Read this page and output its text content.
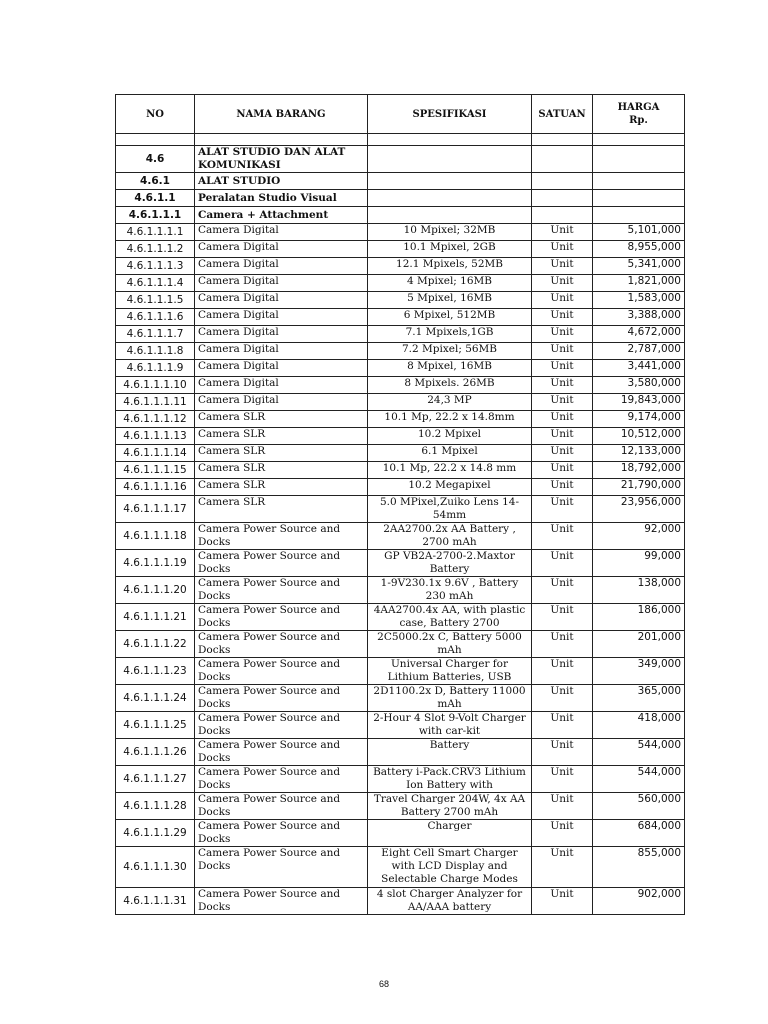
NO	NAMA BARANG	SPESIFIKASI	SATUAN	HARGA
Rp.

4.6	ALAT STUDIO DAN ALAT KOMUNIKASI			
4.6.1	ALAT STUDIO			
4.6.1.1	Peralatan Studio Visual			
4.6.1.1.1	Camera + Attachment			
4.6.1.1.1.1	Camera Digital	10 Mpixel; 32MB	Unit	5,101,000
4.6.1.1.1.2	Camera Digital	10.1 Mpixel, 2GB	Unit	8,955,000
4.6.1.1.1.3	Camera Digital	12.1 Mpixels, 52MB	Unit	5,341,000
4.6.1.1.1.4	Camera Digital	4 Mpixel; 16MB	Unit	1,821,000
4.6.1.1.1.5	Camera Digital	5 Mpixel, 16MB	Unit	1,583,000
4.6.1.1.1.6	Camera Digital	6 Mpixel, 512MB	Unit	3,388,000
4.6.1.1.1.7	Camera Digital	7.1 Mpixels,1GB	Unit	4,672,000
4.6.1.1.1.8	Camera Digital	7.2 Mpixel; 56MB	Unit	2,787,000
4.6.1.1.1.9	Camera Digital	8 Mpixel, 16MB	Unit	3,441,000
4.6.1.1.1.10	Camera Digital	8 Mpixels. 26MB	Unit	3,580,000
4.6.1.1.1.11	Camera Digital	24,3 MP	Unit	19,843,000
4.6.1.1.1.12	Camera SLR	10.1 Mp, 22.2 x 14.8mm	Unit	9,174,000
4.6.1.1.1.13	Camera SLR	10.2 Mpixel	Unit	10,512,000
4.6.1.1.1.14	Camera SLR	6.1 Mpixel	Unit	12,133,000
4.6.1.1.1.15	Camera SLR	10.1 Mp, 22.2 x 14.8 mm	Unit	18,792,000
4.6.1.1.1.16	Camera SLR	10.2 Megapixel	Unit	21,790,000
4.6.1.1.1.17	Camera SLR	5.0 MPixel,Zuiko Lens 14-54mm	Unit	23,956,000
4.6.1.1.1.18	Camera Power Source and Docks	2AA2700.2x AA Battery , 2700 mAh	Unit	92,000
4.6.1.1.1.19	Camera Power Source and Docks	GP VB2A-2700-2.Maxtor Battery	Unit	99,000
4.6.1.1.1.20	Camera Power Source and Docks	1-9V230.1x 9.6V , Battery 230 mAh	Unit	138,000
4.6.1.1.1.21	Camera Power Source and Docks	4AA2700.4x AA, with plastic case, Battery 2700	Unit	186,000
4.6.1.1.1.22	Camera Power Source and Docks	2C5000.2x C, Battery 5000 mAh	Unit	201,000
4.6.1.1.1.23	Camera Power Source and Docks	Universal Charger for Lithium Batteries, USB	Unit	349,000
4.6.1.1.1.24	Camera Power Source and Docks	2D1100.2x D, Battery 11000 mAh	Unit	365,000
4.6.1.1.1.25	Camera Power Source and Docks	2-Hour 4 Slot 9-Volt Charger with car-kit	Unit	418,000
4.6.1.1.1.26	Camera Power Source and Docks	Battery	Unit	544,000
4.6.1.1.1.27	Camera Power Source and Docks	Battery i-Pack.CRV3 Lithium Ion Battery with	Unit	544,000
4.6.1.1.1.28	Camera Power Source and Docks	Travel Charger 204W, 4x AA Battery 2700 mAh	Unit	560,000
4.6.1.1.1.29	Camera Power Source and Docks	Charger	Unit	684,000
4.6.1.1.1.30	Camera Power Source and Docks	Eight Cell Smart Charger with LCD Display and Selectable Charge Modes	Unit	855,000
4.6.1.1.1.31	Camera Power Source and Docks	4 slot Charger Analyzer for AA/AAA battery	Unit	902,000
68
